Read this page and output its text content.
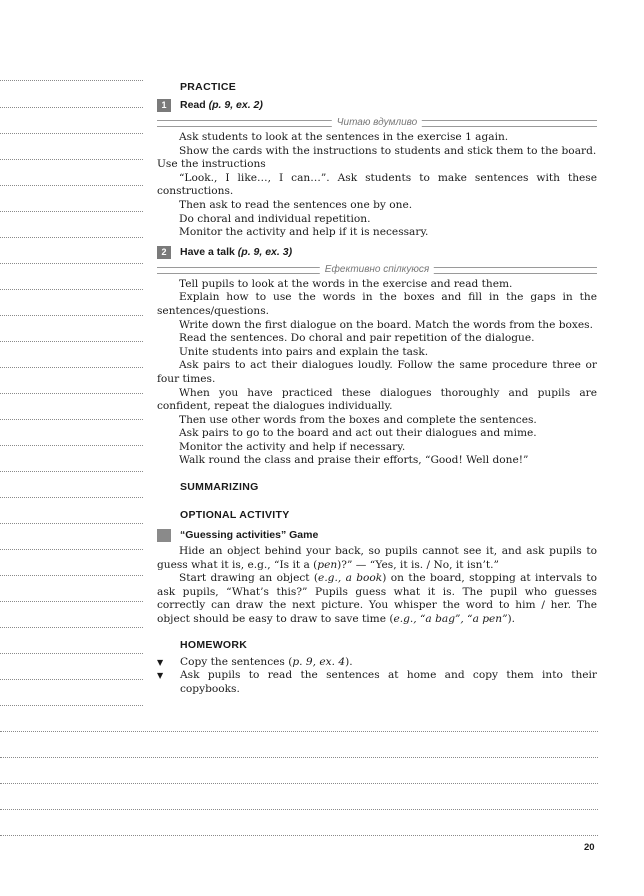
PRACTICE
1	Read (p. 9, ex. 2)
Читаю вдумливо

Ask students to look at the sentences in the exercise 1 again.

Show the cards with the instructions to students and stick them to the board.

Use the instructions

“Look., I like…, I can…”. Ask students to make sentences with these constructions.

Then ask to read the sentences one by one.

Do choral and individual repetition.

Monitor the activity and help if it is necessary.

2	Have a talk (p. 9, ex. 3)
Ефективно спілкуюся

Tell pupils to look at the words in the exercise and read them.

Explain how to use the words in the boxes and fill in the gaps in the sentences/questions.

Write down the first dialogue on the board. Match the words from the boxes.

Read the sentences. Do choral and pair repetition of the dialogue.

Unite students into pairs and explain the task.

Ask pairs to act their dialogues loudly. Follow the same procedure three or four times.

When you have practiced these dialogues thoroughly and pupils are confident, repeat the dialogues individually.

Then use other words from the boxes and complete the sentences.

Ask pairs to go to the board and act out their dialogues and mime.

Monitor the activity and help if necessary.

Walk round the class and praise their efforts, “Good! Well done!”

SUMMARIZING
OPTIONAL ACTIVITY
“Guessing activities” Game

Hide an object behind your back, so pupils cannot see it, and ask pupils to guess what it is, e.g., “Is it a (pen)?” — “Yes, it is. / No, it isn’t.”

Start drawing an object (e.g., a book) on the board, stopping at intervals to ask pupils, “What’s this?” Pupils guess what it is. The pupil who guesses correctly can draw the next picture. You whisper the word to him / her. The object should be easy to draw to save time (e.g., “a bag”, “a pen”).

HOMEWORK

▼ Copy the sentences (p. 9, ex. 4).

▼ Ask pupils to read the sentences at home and copy them into their copybooks.

20
